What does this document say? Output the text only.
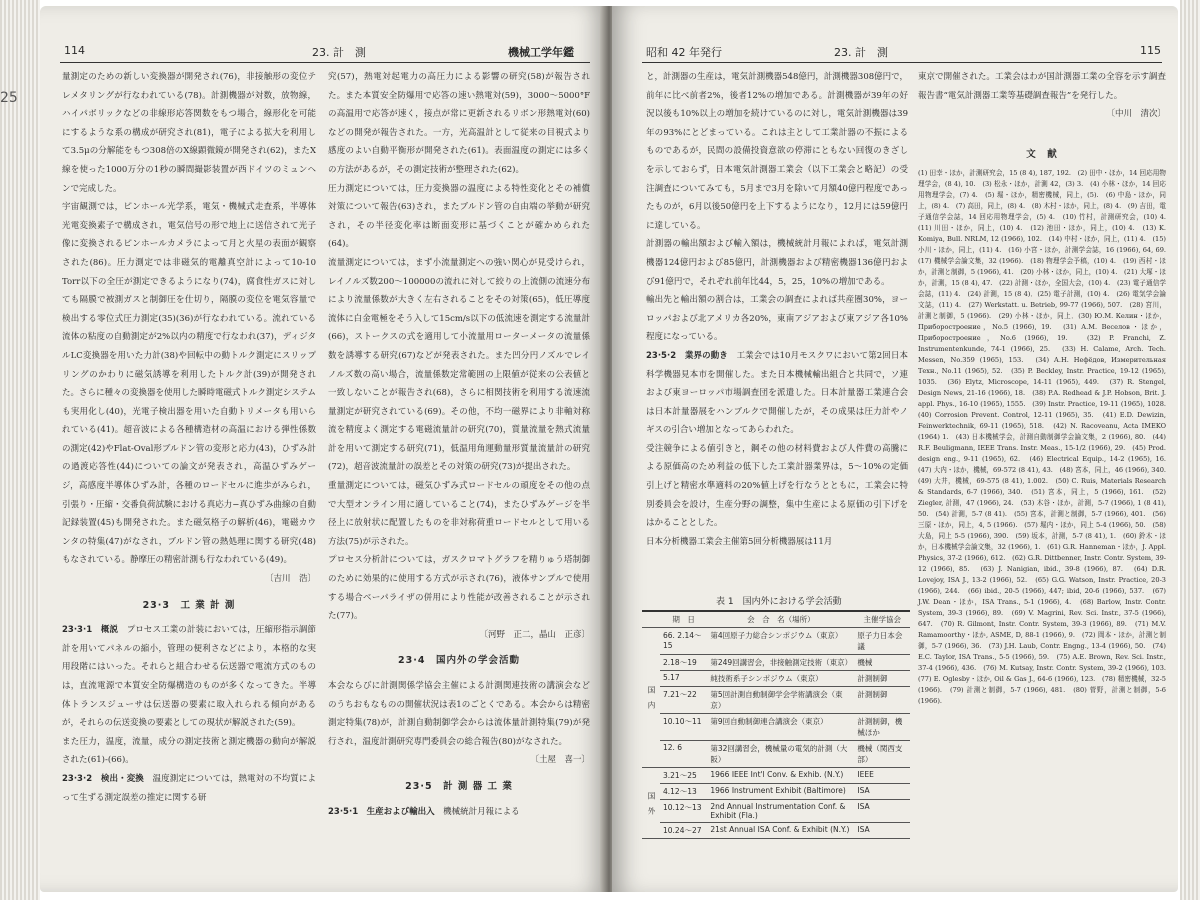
25
114	23. 計　測	機械工学年鑑

量測定のための新しい変換器が開発され(76)，非接触形の変位テレメタリングが行なわれている(78)。計測機器が対数，放物線，ハイパボリックなどの非線形応答関数をもつ場合，線形化を可能にするような系の構成が研究され(81)，電子による拡大を利用して3.5μの分解能をもつ308倍のX線顕微鏡が開発され(62)，またX線を使った1000万分の1秒の瞬間撮影装置が西ドイツのミュンヘンで完成した。

宇宙観測では，ピンホール光学系，電気・機械式走査系，半導体光電変換素子で構成され，電気信号の形で地上に送信されて光子像に変換されるピンホールカメラによって月と火星の表面が観察された(86)。圧力測定では非磁気的電離真空計によって10-10 Torr以下の全圧が測定できるようになり(74)，腐食性ガスに対しても隔膜で被測ガスと制御圧を仕切り，隔膜の変位を電気容量で検出する零位式圧力測定(35)(36)が行なわれている。流れている流体の粘度の自動測定が2%以内の精度で行なわれ(37)，ディジタルLC変換器を用いた力計(38)や回転中の動トルク測定にスリップリングのかわりに磁気誘導を利用したトルク計(39)が開発された。さらに種々の変換器を使用した瞬時電磁式トルク測定システムも実用化し(40)，光電子検出器を用いた自動トリメータも用いられている(41)。超音波による各種構造材の高温における弾性係数の測定(42)やFlat-Oval形ブルドン管の変形と応力(43)，ひずみ計の過渡応答性(44)についての論文が発表され，高温ひずみゲージ，高感度半導体ひずみ計，各種のロードセルに進歩がみられ，引張り・圧縮・交番負荷試験における真応力−真ひずみ曲線の自動記録装置(45)も開発された。また磁気格子の解析(46)，電磁カウンタの特集(47)がなされ，ブルドン管の熱処理に関する研究(48)もなされている。静摩圧の精密計測も行なわれている(49)。

〔吉川　浩〕

23·3　工 業 計 測

23·3·1　概説　 プロセス工業の計装においては，圧縮形指示調節計を用いてパネルの縮小，管理の便利さなどにより，本格的な実用段階にはいった。それらと組合わせる伝送器で電流方式のものは，直流電源で本質安全防爆構造のものが多くなってきた。半導体トランスジューサは伝送器の要素に取入れられる傾向があるが，それらの伝送変換の要素としての現状が解説された(59)。

また圧力，温度，流量，成分の測定技術と測定機器の動向が解説された(61)-(66)。

23·3·2　検出・変換　 温度測定については，熱電対の不均質によって生ずる測定誤差の推定に関する研

究(57)，熱電対起電力の高圧力による影響の研究(58)が報告された。また本質安全防爆用で応答の速い熱電対(59)，3000〜5000°Fの高温用で応答が速く，接点が常に更新されるリボン形熱電対(60)などの開発が報告された。一方，光高温計として従来の目視式より感度のよい自動平衡形が開発された(61)。表面温度の測定には多くの方法があるが，その測定技術が整理された(62)。

圧力測定については，圧力変換器の温度による特性変化とその補償対策について報告(63)され，またブルドン管の自由端の挙動が研究され，その半径変化率は断面変形に基づくことが確かめられた(64)。

流量測定については，まず小流量測定への強い関心が見受けられ，レイノルズ数200〜100000の流れに対して絞りの上流側の流速分布により流量係数が大きく左右されることをその対策(65)，低圧導度流体に白金電極をそう入して15cm/s以下の低流速を測定する流量計(66)，ストークスの式を適用して小流量用ローターメータの流量係数を誘導する研究(67)などが発表された。また凹分円ノズルでレイノルズ数の高い場合，流量係数定常範囲の上限値が従来の公表値と一致しないことが報告され(68)，さらに相関技術を利用する流速流量測定が研究されている(69)。その他，不均一磁界により非軸対称流を精度よく測定する電磁流量計の研究(70)，質量流量を熱式流量計を用いて測定する研究(71)，低温用角運動量形質量流量計の研究(72)，超音波流量計の誤差とその対策の研究(73)が提出された。

重量測定については，磁気ひずみ式ロードセルの頑度をその他の点で大型オンライン用に適していること(74)，またひずみゲージを半径上に放射状に配置したものを非対称荷重ロードセルとして用いる方法(75)が示された。

プロセス分析計については，ガスクロマトグラフを精りゅう塔制御のために効果的に使用する方式が示され(76)，液体サンプルで使用する場合ベーパライザの併用により性能が改善されることが示された(77)。

〔河野　正二，晶山　正彦〕

23·4　国内外の学会活動

本会ならびに計測関係学協会主催による計測関連技術の講演会などのうちおもなものの開催状況は表1のごとくである。本会からは精密測定特集(78)が，計測自動制御学会からは流体量計測特集(79)が発行され，温度計測研究専門委員会の総合報告(80)がなされた。

〔土屋　喜一〕

23·5　計 測 器 工 業

23·5·1　生産および輸出入　 機械統計月報による

昭和 42 年発行	23. 計　測	115

と，計測器の生産は，電気計測機器548億円，計測機器308億円で，前年に比べ前者2%，後者12%の増加である。計測機器が39年の好況以後も10%以上の増加を続けているのに対し，電気計測機器は39年の93%にとどまっている。これは主として工業計器の不振によるものであるが，民間の設備投資意欲の停滞にともない回復のきざしを示しておらず，日本電気計測器工業会（以下工業会と略記）の受注調査についてみても，5月まで3月を除いて月額40億円程度であったものが，6月以後50億円を上下するようになり，12月には59億円に達している。

計測器の輸出額および輸入額は，機械統計月報によれば，電気計測機器124億円および85億円，計測機器および精密機器136億円および91億円で，それぞれ前年比44，5，25，10%の増加である。

輸出先と輸出額の割合は，工業会の調査によれば共産圏30%，ヨーロッパおよび北アメリカ各20%，東南アジアおよび東アジア各10%程度になっている。

23·5·2　業界の動き　 工業会では10月モスクワにおいて第2回日本科学機器見本市を開催した。また日本機械輸出組合と共同で，ソ連および東ヨーロッパ市場調査団を派遣した。日本計量器工業連合会は日本計量器展をハンブルクで開催したが，その成果は圧力計やノギスの引合い増加となってあらわれた。

受注競争による値引きと，鋼その他の材料費および人件費の高騰による原価高のため利益の低下した工業計器業界は，5〜10%の定価引上げと精密水準適料の20%値上げを行なうとともに，工業会に特別委員会を設け，生産分野の調整，集中生産による原価の引下げをはかることとした。

日本分析機器工業会主催第5回分析機器展は11月

表 1　国内外における学会活動
	期　日	会　合　名（場所）	主催学協会
国　内	66. 2.14〜15	第4回原子力総合シンポジウム（東京）	原子力日本会議
	2.18〜19	第249回講習会，非接触測定技術（東京）	機械
	5.17	純技術系子シンポジウム（東京）	計測制御
	7.21〜22	第5回計測自動制御学会学術講演会（東京）	計測制御
	10.10〜11	第9回自動制御連合講演会（東京）	計測制御，機械ほか
	12. 6	第32回講習会，機械量の電気的計測（大阪）	機械（関西支部）
国　外	3.21〜25	1966 IEEE Int'l Conv. & Exhib. (N.Y.)	IEEE
	4.12〜13	1966 Instrument Exhibit (Baltimore)	ISA
	10.12〜13	2nd Annual Instrumentation Conf. & Exhibit (Fla.)	ISA
	10.24〜27	21st Annual ISA Conf. & Exhibit (N.Y.)	ISA

東京で開催された。工業会はわが国計測器工業の全容を示す調査報告書“電気計測器工業等基礎調査報告”を発行した。

〔中川　清次〕

文　献

(1) 田幸・ほか，計測研究会，15 (8 4), 187, 192.　(2) 田中・ほか，14 回応用物理学会，(8 4), 10.　(3) 松永・ほか，計測 42，(3) 3.　(4) 小林・ほか，14 回応用物理学会，(7) 4.　(5) 堀・ほか，精密機械，同上，(5).　(6) 中島・ほか，同上，(8) 4.　(7) 高田，同上，(8) 4.　(8) 木村・ほか，同上，(8) 4.　(9) 吉田，電子通信学会誌，14 回応用物理学会，(5) 4.　(10) 竹村，計測研究会，(10) 4.　(11) 川田・ほか，同上，(10) 4.　(12) 池田・ほか，同上，(10) 4.　(13) K. Komiya, Bull. NRLM, 12 (1966), 102.　(14) 中村・ほか，同上，(11) 4.　(15) 小川・ほか，同上，(11) 4.　(16) 小宮・ほか，計測学会誌，16 (1966), 64, 69.　(17) 機械学会論文集，32 (1966).　(18) 物理学会予稿，(10) 4.　(19) 西村・ほか，計測と制御，5 (1966), 41.　(20) 小林・ほか，同上，(10) 4.　(21) 大塚・ほか，計測，15 (8 4), 47.　(22) 計測・ほか，全国大会，(10) 4.　(23) 電子通信学会誌，(11) 4.　(24) 計測，15 (8 4)．(25) 電子計測，(10) 4.　(26) 電気学会論文誌，(11) 4.　(27) Werkstatt. u. Betrieb, 99-77 (1966), 507.　(28) 宮川，計測と制御，5 (1966).　(29) 小林・ほか，同上．(30) Ю.М. Келин・ほか，Приборостроение，No.5 (1966), 19.　(31) А.М. Веселов・ほか，Приборостроение，No.6 (1966), 19.　(32) P. Franchi, Z. Instrumentenkunde, 74-1 (1966), 25.　(33) H. Calame, Arch. Tech. Messen, No.359 (1965), 153.　(34) А.Н. Нефёдов, Измерительная Техн., No.11 (1965), 52.　(35) P. Beckley, Instr. Practice, 19-12 (1965), 1035.　(36) Elytz, Microscope, 14-11 (1965), 449.　(37) R. Stengel, Design News, 21-16 (1966), 18.　(38) P.A. Redhead & J.P. Hobson, Brit. J. appl. Phys., 16-10 (1965), 1555.　(39) Instr. Practice, 19-11 (1965), 1028.　(40) Corrosion Prevent. Control, 12-11 (1965), 35.　(41) E.D. Dewizin, Feinwerktechnik, 69-11 (1965), 518.　(42) N. Racoveanu, Acta IMEKO (1964) 1.　(43) 日本機械学会，計測自動制御学会論文集，2 (1966), 80.　(44) R.F. Beuligmann, IEEE Trans. Instr. Meas., 15-1/2 (1966), 29.　(45) Prod. design eng., 9-11 (1965), 62.　(46) Electrical Equip., 14-2 (1965), 16.　(47) 大内・ほか，機械，69-572 (8 41), 43.　(48) 宮本，同上，46 (1966), 340.　(49) 大井，機械，69-575 (8 41), 1.002.　(50) C. Ruis, Materials Research & Standards, 6-7 (1966), 340.　(51) 宮本，同上，5 (1966), 161.　(52) Ziegler, 計測，47 (1966), 24.　(53) 木谷・ほか，計測，5-7 (1966), 1 (8 41), 50.　(54) 計測，5-7 (8 41).　(55) 宮本，計測と制御，5-7 (1966), 401.　(56) 三原・ほか，同上，4, 5 (1966).　(57) 堀内・ほか，同上 5-4 (1966), 50.　(58) 大島，同上 5-5 (1966), 390.　(59) 坂本，計測，5-7 (8 41), 1.　(60) 鈴木・ほか，日本機械学会論文集，32 (1966), 1.　(61) G.R. Hanneman・ほか，J. Appl. Physics, 37-2 (1966), 612.　(62) G.R. Dittbenner, Instr. Contr. System, 39-12 (1966), 85.　(63) J. Nanigian, ibid., 39-8 (1966), 87.　(64) D.R. Lovejoy, ISA J., 13-2 (1966), 52.　(65) G.G. Watson, Instr. Practice, 20-3 (1966), 244.　(66) ibid., 20-5 (1966), 447; ibid, 20-6 (1966), 537.　(67) J.W. Dean・ほか，ISA Trans., 5-1 (1966), 4.　(68) Barlow, Instr. Contr. System, 39-3 (1966), 89.　(69) V. Magrini, Rev. Sci. Instr., 37-5 (1966), 647.　(70) R. Gilmont, Instr. Contr. System, 39-3 (1966), 89.　(71) M.V. Ramamoorthy・ほか, ASME, D, 88-1 (1966), 9.　(72) 岡本・ほか，計測と制御，5-7 (1966), 36.　(73) J.H. Laub, Contr. Engng., 13-4 (1966), 50.　(74) E.C. Taylor, ISA Trans., 5-5 (1966), 59.　(75) A.E. Brown, Rev. Sci. Instr., 37-4 (1966), 436.　(76) M. Kutsay, Instr. Contr. System, 39-2 (1966), 103.　(77) E. Oglesby・ほか, Oil & Gas J., 64-6 (1966), 123.　(78) 精密機械，32-5 (1966).　(79) 計測と制御，5-7 (1966), 481.　(80) 菅野，計測と制御，5-6 (1966).
